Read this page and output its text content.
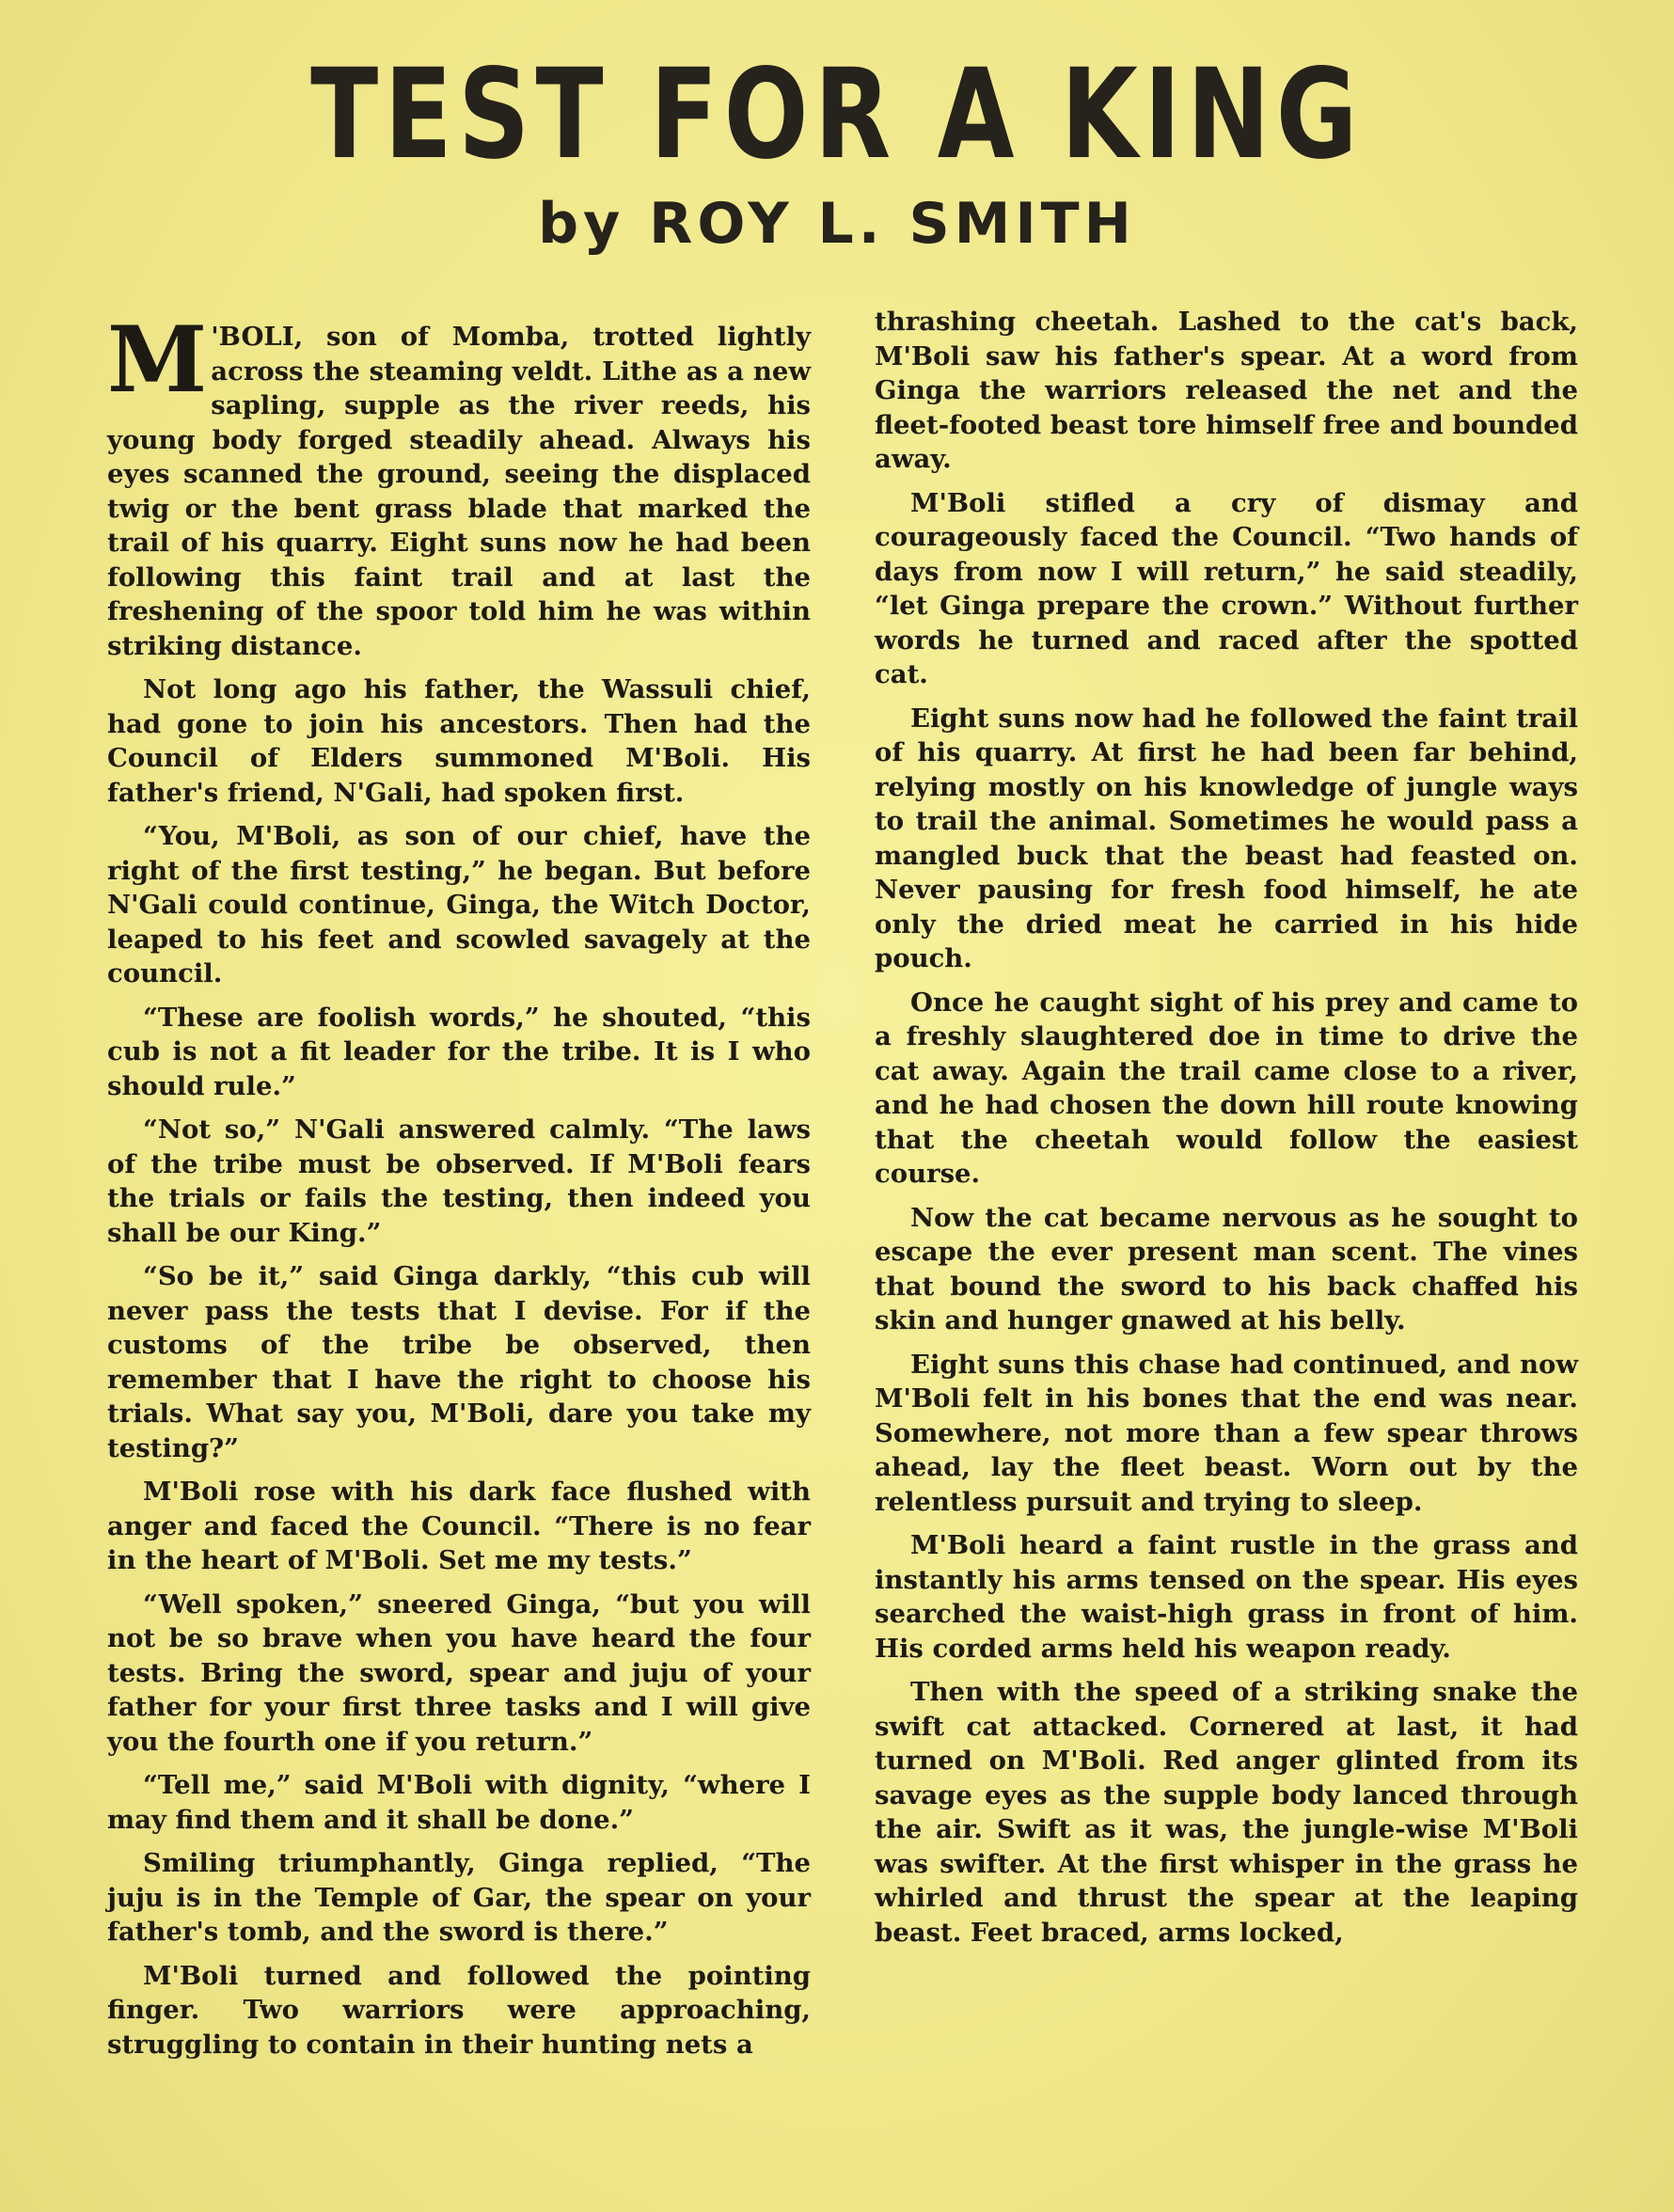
TEST FOR A KING
by ROY L. SMITH

M 'BOLI, son of Momba, trotted lightly across the steaming veldt. Lithe as a new sapling, supple as the river reeds, his young body forged steadily ahead. Always his eyes scanned the ground, seeing the displaced twig or the bent grass blade that marked the trail of his quarry. Eight suns now he had been following this faint trail and at last the freshening of the spoor told him he was within striking distance.

Not long ago his father, the Wassuli chief, had gone to join his ancestors. Then had the Council of Elders summoned M'Boli. His father's friend, N'Gali, had spoken first.

“You, M'Boli, as son of our chief, have the right of the first testing,” he began. But before N'Gali could continue, Ginga, the Witch Doctor, leaped to his feet and scowled savagely at the council.

“These are foolish words,” he shouted, “this cub is not a fit leader for the tribe. It is I who should rule.”

“Not so,” N'Gali answered calmly. “The laws of the tribe must be observed. If M'Boli fears the trials or fails the testing, then indeed you shall be our King.”

“So be it,” said Ginga darkly, “this cub will never pass the tests that I devise. For if the customs of the tribe be observed, then remember that I have the right to choose his trials. What say you, M'Boli, dare you take my testing?”

M'Boli rose with his dark face flushed with anger and faced the Council. “There is no fear in the heart of M'Boli. Set me my tests.”

“Well spoken,” sneered Ginga, “but you will not be so brave when you have heard the four tests. Bring the sword, spear and juju of your father for your first three tasks and I will give you the fourth one if you return.”

“Tell me,” said M'Boli with dignity, “where I may find them and it shall be done.”

Smiling triumphantly, Ginga replied, “The juju is in the Temple of Gar, the spear on your father's tomb, and the sword is there.”

M'Boli turned and followed the pointing finger. Two warriors were approaching, struggling to contain in their hunting nets a

thrashing cheetah. Lashed to the cat's back, M'Boli saw his father's spear. At a word from Ginga the warriors released the net and the fleet-footed beast tore himself free and bounded away.

M'Boli stifled a cry of dismay and courageously faced the Council. “Two hands of days from now I will return,” he said steadily, “let Ginga prepare the crown.” Without further words he turned and raced after the spotted cat.

Eight suns now had he followed the faint trail of his quarry. At first he had been far behind, relying mostly on his knowledge of jungle ways to trail the animal. Sometimes he would pass a mangled buck that the beast had feasted on. Never pausing for fresh food himself, he ate only the dried meat he carried in his hide pouch.

Once he caught sight of his prey and came to a freshly slaughtered doe in time to drive the cat away. Again the trail came close to a river, and he had chosen the down hill route knowing that the cheetah would follow the easiest course.

Now the cat became nervous as he sought to escape the ever present man scent. The vines that bound the sword to his back chaffed his skin and hunger gnawed at his belly.

Eight suns this chase had continued, and now M'Boli felt in his bones that the end was near. Somewhere, not more than a few spear throws ahead, lay the fleet beast. Worn out by the relentless pursuit and trying to sleep.

M'Boli heard a faint rustle in the grass and instantly his arms tensed on the spear. His eyes searched the waist-high grass in front of him. His corded arms held his weapon ready.

Then with the speed of a striking snake the swift cat attacked. Cornered at last, it had turned on M'Boli. Red anger glinted from its savage eyes as the supple body lanced through the air. Swift as it was, the jungle-wise M'Boli was swifter. At the first whisper in the grass he whirled and thrust the spear at the leaping beast. Feet braced, arms locked,
